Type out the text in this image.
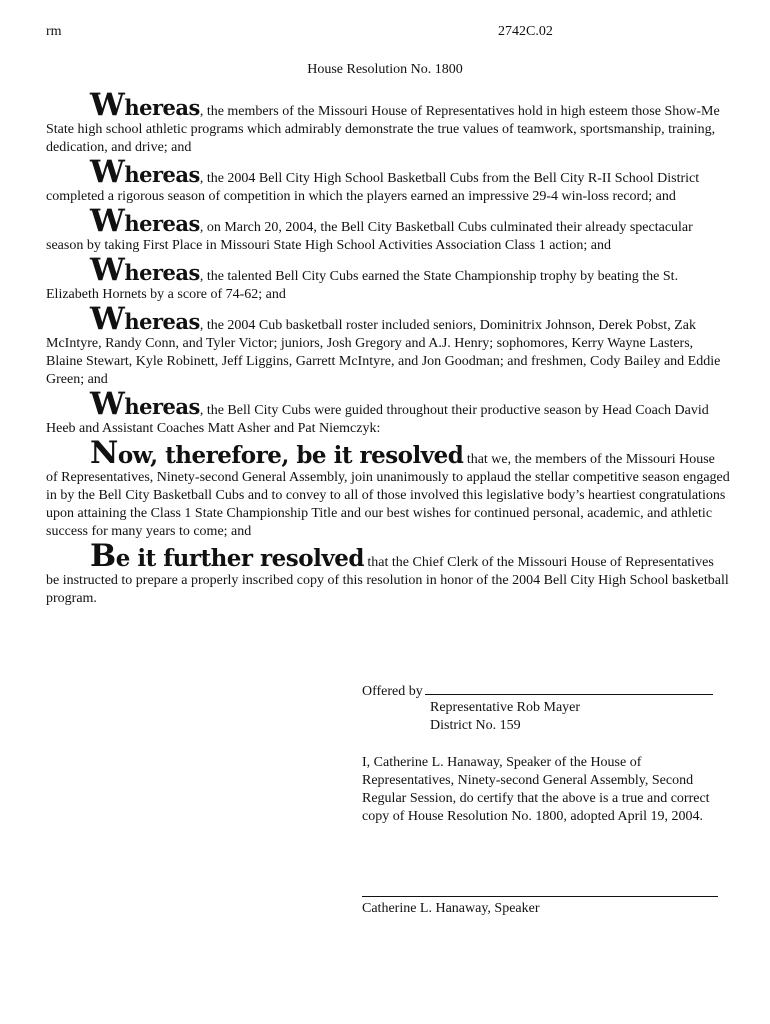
rm	2742C.02
House Resolution No. 1800

Whereas, the members of the Missouri House of Representatives hold in high esteem those Show-Me State high school athletic programs which admirably demonstrate the true values of teamwork, sportsmanship, training, dedication, and drive; and

Whereas, the 2004 Bell City High School Basketball Cubs from the Bell City R-II School District completed a rigorous season of competition in which the players earned an impressive 29-4 win-loss record; and

Whereas, on March 20, 2004, the Bell City Basketball Cubs culminated their already spectacular season by taking First Place in Missouri State High School Activities Association Class 1 action; and

Whereas, the talented Bell City Cubs earned the State Championship trophy by beating the St. Elizabeth Hornets by a score of 74-62; and

Whereas, the 2004 Cub basketball roster included seniors, Dominitrix Johnson, Derek Pobst, Zak McIntyre, Randy Conn, and Tyler Victor; juniors, Josh Gregory and A.J. Henry; sophomores, Kerry Wayne Lasters, Blaine Stewart, Kyle Robinett, Jeff Liggins, Garrett McIntyre, and Jon Goodman; and freshmen, Cody Bailey and Eddie Green; and

Whereas, the Bell City Cubs were guided throughout their productive season by Head Coach David Heeb and Assistant Coaches Matt Asher and Pat Niemczyk:

Now, therefore, be it resolved that we, the members of the Missouri House of Representatives, Ninety-second General Assembly, join unanimously to applaud the stellar competitive season engaged in by the Bell City Basketball Cubs and to convey to all of those involved this legislative body’s heartiest congratulations upon attaining the Class 1 State Championship Title and our best wishes for continued personal, academic, and athletic success for many years to come; and

Be it further resolved that the Chief Clerk of the Missouri House of Representatives be instructed to prepare a properly inscribed copy of this resolution in honor of the 2004 Bell City High School basketball program.

Offered by
Representative Rob Mayer
District No. 159
I, Catherine L. Hanaway, Speaker of the House of Representatives, Ninety-second General Assembly, Second Regular Session, do certify that the above is a true and correct copy of House Resolution No. 1800, adopted April 19, 2004.
Catherine L. Hanaway, Speaker
